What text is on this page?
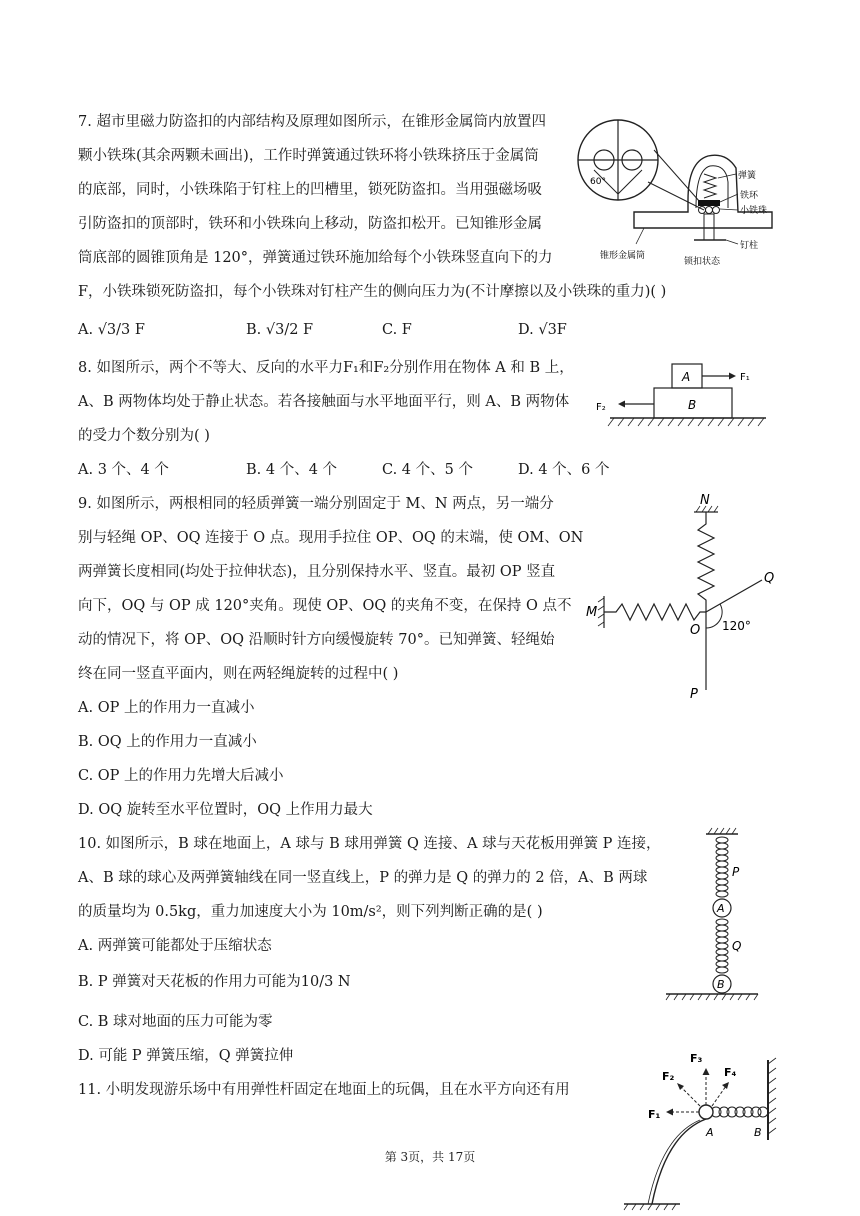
7. 超市里磁力防盗扣的内部结构及原理如图所示，在锥形金属筒内放置四
颗小铁珠(其余两颗未画出)，工作时弹簧通过铁环将小铁珠挤压于金属筒
的底部，同时，小铁珠陷于钉柱上的凹槽里，锁死防盗扣。当用强磁场吸
引防盗扣的顶部时，铁环和小铁珠向上移动，防盗扣松开。已知锥形金属
筒底部的圆锥顶角是 120°，弹簧通过铁环施加给每个小铁珠竖直向下的力
F，小铁珠锁死防盗扣，每个小铁珠对钉柱产生的侧向压力为(不计摩擦以及小铁珠的重力)( )
A. √3/3 F	B. √3/2 F	C. F	D. √3F
60°
弹簧
铁环
小铁珠
钉柱
锥形金属筒
锁扣状态
8. 如图所示，两个不等大、反向的水平力F₁和F₂分别作用在物体 A 和 B 上，
A、B 两物体均处于静止状态。若各接触面与水平地面平行，则 A、B 两物体
的受力个数分别为( )
A. 3 个、4 个	B. 4 个、4 个	C. 4 个、5 个	D. 4 个、6 个
A
B
F₁
F₂
9. 如图所示，两根相同的轻质弹簧一端分别固定于 M、N 两点，另一端分
别与轻绳 OP、OQ 连接于 O 点。现用手拉住 OP、OQ 的末端，使 OM、ON
两弹簧长度相同(均处于拉伸状态)，且分别保持水平、竖直。最初 OP 竖直
向下，OQ 与 OP 成 120°夹角。现使 OP、OQ 的夹角不变，在保持 O 点不
动的情况下，将 OP、OQ 沿顺时针方向缓慢旋转 70°。已知弹簧、轻绳始
终在同一竖直平面内，则在两轻绳旋转的过程中( )
A. OP 上的作用力一直减小
B. OQ 上的作用力一直减小
C. OP 上的作用力先增大后减小
D. OQ 旋转至水平位置时，OQ 上作用力最大
N
M
O
Q
P
120°
10. 如图所示，B 球在地面上，A 球与 B 球用弹簧 Q 连接、A 球与天花板用弹簧 P 连接，
A、B 球的球心及两弹簧轴线在同一竖直线上，P 的弹力是 Q 的弹力的 2 倍，A、B 两球
的质量均为 0.5kg，重力加速度大小为 10m/s²，则下列判断正确的是( )
A. 两弹簧可能都处于压缩状态
B. P 弹簧对天花板的作用力可能为10/3 N
C. B 球对地面的压力可能为零
D. 可能 P 弹簧压缩，Q 弹簧拉伸
P
A
Q
B
11. 小明发现游乐场中有用弹性杆固定在地面上的玩偶，且在水平方向还有用
B
A
F₁
F₂
F₃
F₄
第 3页，共 17页
